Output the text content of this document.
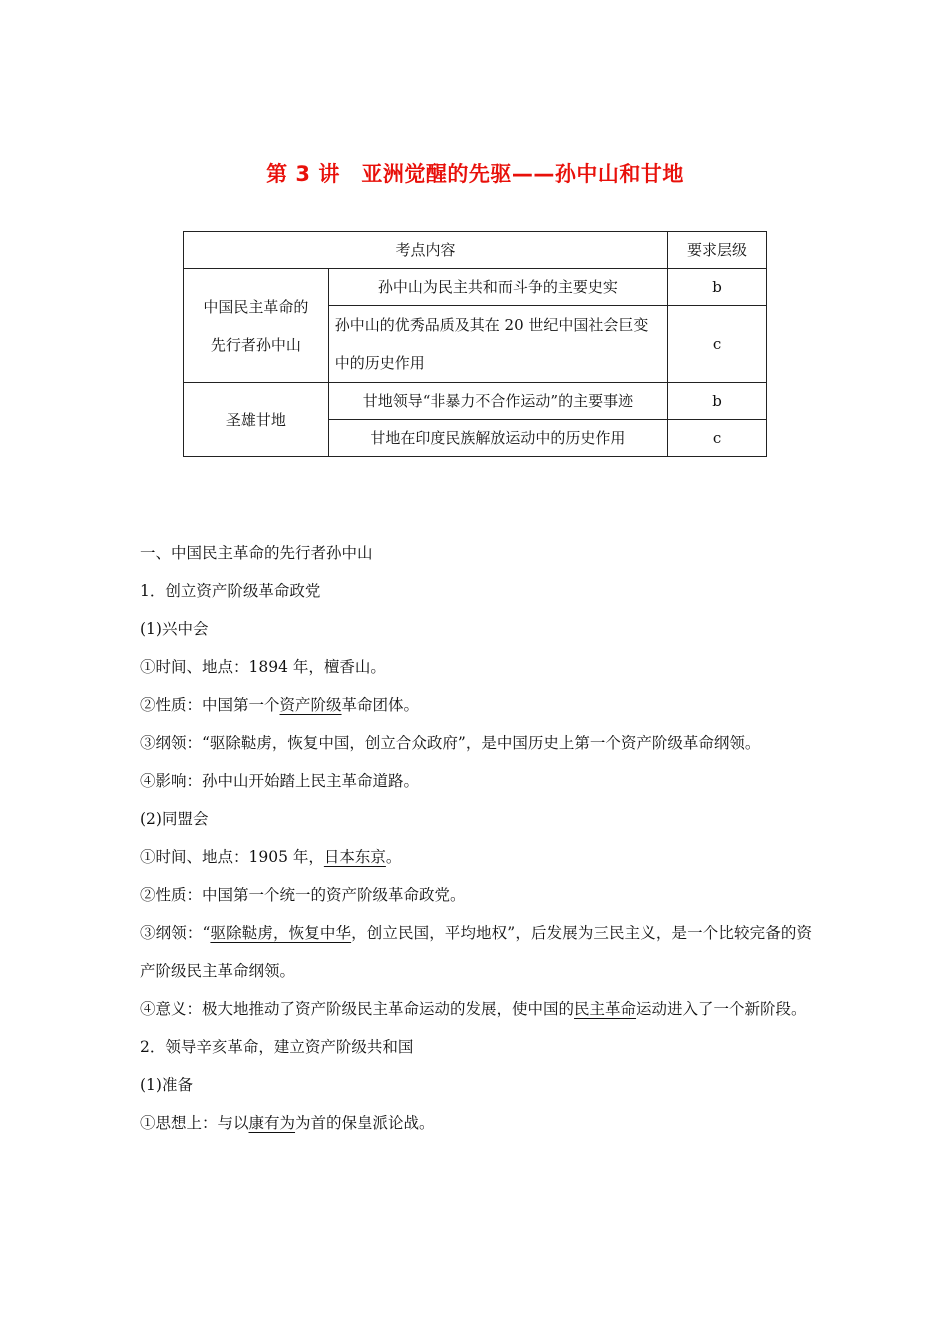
第 3 讲　亚洲觉醒的先驱——孙中山和甘地
考点内容		要求层级
中国民主革命的
先行者孙中山	孙中山为民主共和而斗争的主要史实	b
	孙中山的优秀品质及其在 20 世纪中国社会巨变中的历史作用	c
圣雄甘地	甘地领导“非暴力不合作运动”的主要事迹	b
	甘地在印度民族解放运动中的历史作用	c

一、中国民主革命的先行者孙中山

1．创立资产阶级革命政党

(1)兴中会

①时间、地点：1894 年，檀香山。

②性质：中国第一个资产阶级革命团体。

③纲领：“驱除鞑虏，恢复中国，创立合众政府”，是中国历史上第一个资产阶级革命纲领。

④影响：孙中山开始踏上民主革命道路。

(2)同盟会

①时间、地点：1905 年，日本东京。

②性质：中国第一个统一的资产阶级革命政党。

③纲领：“驱除鞑虏，恢复中华，创立民国，平均地权”，后发展为三民主义，是一个比较完备的资产阶级民主革命纲领。

④意义：极大地推动了资产阶级民主革命运动的发展，使中国的民主革命运动进入了一个新阶段。

2．领导辛亥革命，建立资产阶级共和国

(1)准备

①思想上：与以康有为为首的保皇派论战。
